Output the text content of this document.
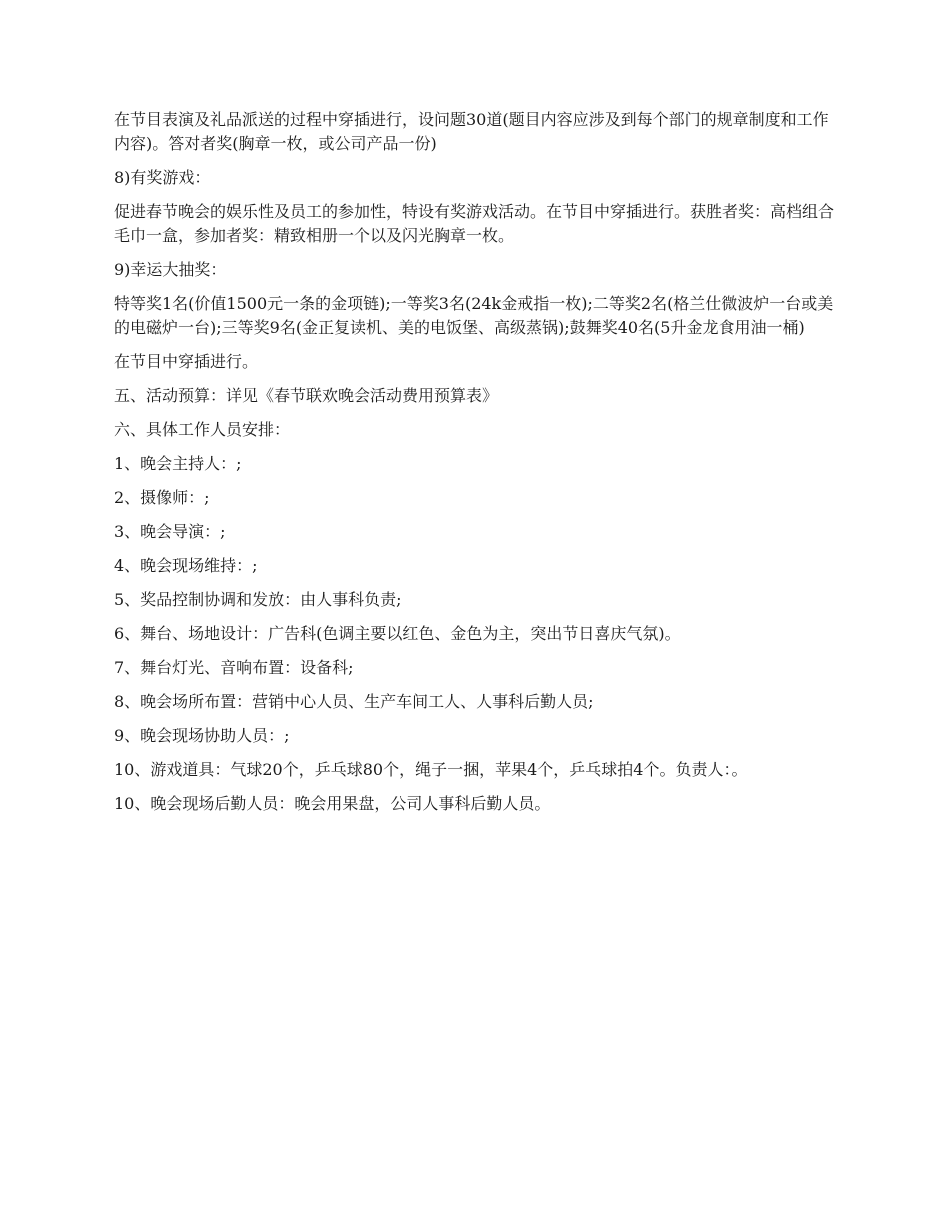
在节目表演及礼品派送的过程中穿插进行，设问题30道(题目内容应涉及到每个部门的规章制度和工作内容)。答对者奖(胸章一枚，或公司产品一份)

8)有奖游戏：

促进春节晚会的娱乐性及员工的参加性，特设有奖游戏活动。在节目中穿插进行。获胜者奖：高档组合毛巾一盒，参加者奖：精致相册一个以及闪光胸章一枚。

9)幸运大抽奖：

特等奖1名(价值1500元一条的金项链);一等奖3名(24k金戒指一枚);二等奖2名(格兰仕微波炉一台或美的电磁炉一台);三等奖9名(金正复读机、美的电饭堡、高级蒸锅);鼓舞奖40名(5升金龙食用油一桶)

在节目中穿插进行。

五、活动预算：详见《春节联欢晚会活动费用预算表》

六、具体工作人员安排：

1、晚会主持人：;

2、摄像师：;

3、晚会导演：;

4、晚会现场维持：;

5、奖品控制协调和发放：由人事科负责;

6、舞台、场地设计：广告科(色调主要以红色、金色为主，突出节日喜庆气氛)。

7、舞台灯光、音响布置：设备科;

8、晚会场所布置：营销中心人员、生产车间工人、人事科后勤人员;

9、晚会现场协助人员：;

10、游戏道具：气球20个，乒乓球80个，绳子一捆，苹果4个，乒乓球拍4个。负责人：。

10、晚会现场后勤人员：晚会用果盘，公司人事科后勤人员。
